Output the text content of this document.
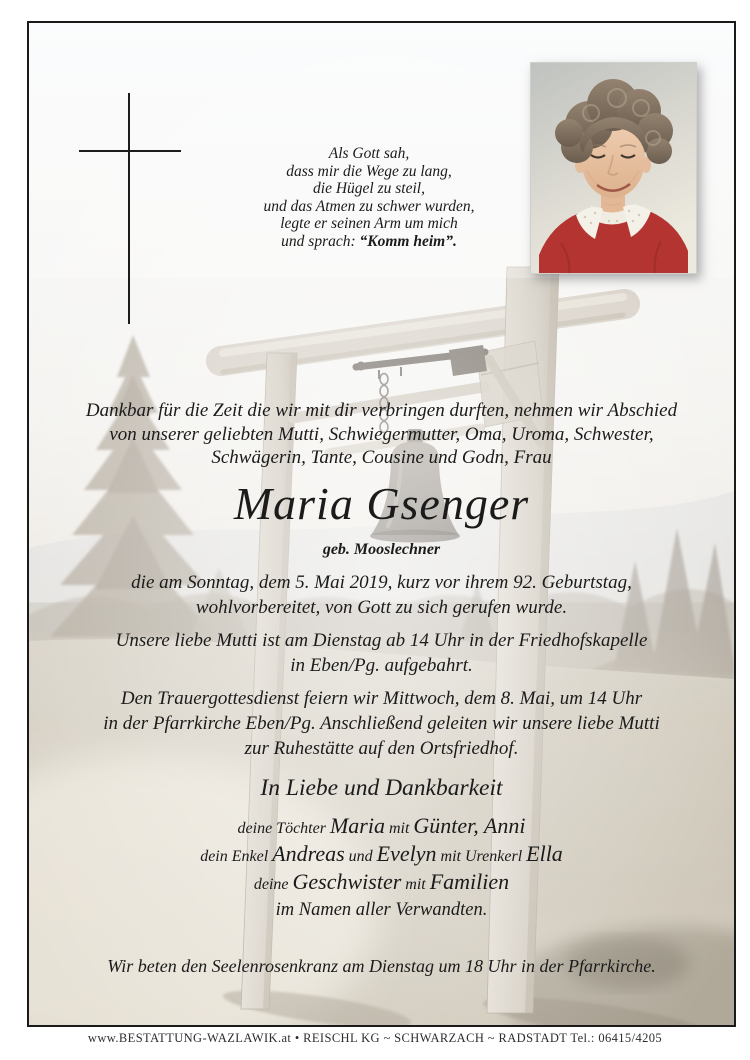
Als Gott sah,
dass mir die Wege zu lang,
die Hügel zu steil,
und das Atmen zu schwer wurden,
legte er seinen Arm um mich
und sprach: “Komm heim”.
Dankbar für die Zeit die wir mit dir verbringen durften, nehmen wir Abschied
von unserer geliebten Mutti, Schwiegermutter, Oma, Uroma, Schwester,
Schwägerin, Tante, Cousine und Godn, Frau
Maria Gsenger
geb. Mooslechner
die am Sonntag, dem 5. Mai 2019, kurz vor ihrem 92. Geburtstag,
wohlvorbereitet, von Gott zu sich gerufen wurde.
Unsere liebe Mutti ist am Dienstag ab 14 Uhr in der Friedhofskapelle
in Eben/Pg. aufgebahrt.
Den Trauergottesdienst feiern wir Mittwoch, dem 8. Mai, um 14 Uhr
in der Pfarrkirche Eben/Pg. Anschließend geleiten wir unsere liebe Mutti
zur Ruhestätte auf den Ortsfriedhof.
In Liebe und Dankbarkeit
deine Töchter Maria mit Günter, Anni
dein Enkel Andreas und Evelyn mit Urenkerl Ella
deine Geschwister mit Familien
im Namen aller Verwandten.
Wir beten den Seelenrosenkranz am Dienstag um 18 Uhr in der Pfarrkirche.
www.BESTATTUNG-WAZLAWIK.at • REISCHL KG ~ SCHWARZACH ~ RADSTADT Tel.: 06415/4205
